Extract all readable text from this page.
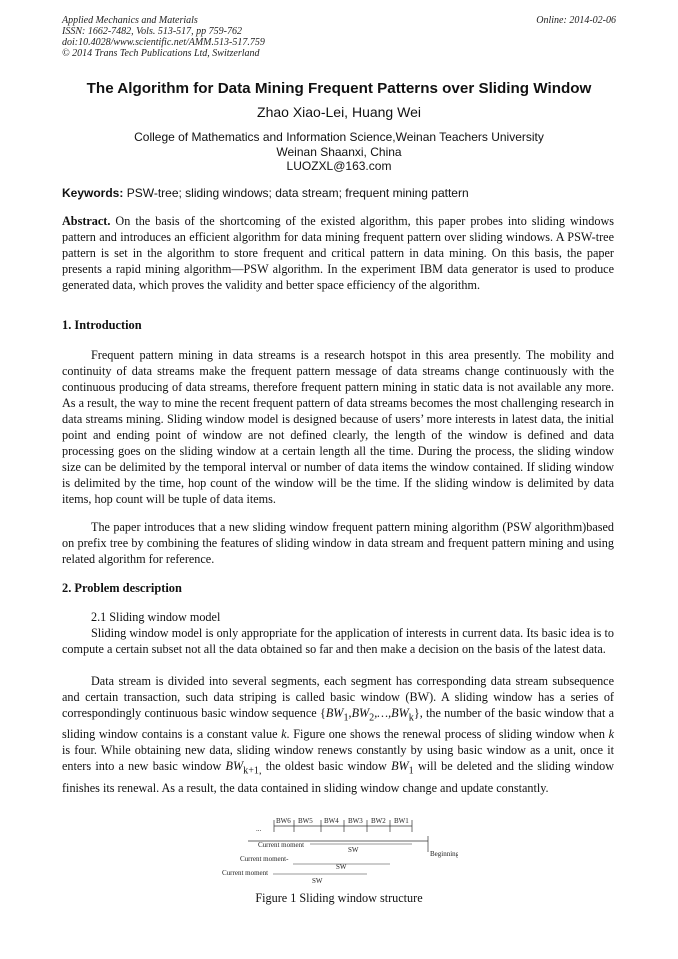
Applied Mechanics and Materials
ISSN: 1662-7482, Vols. 513-517, pp 759-762
doi:10.4028/www.scientific.net/AMM.513-517.759
© 2014 Trans Tech Publications Ltd, Switzerland
Online: 2014-02-06
The Algorithm for Data Mining Frequent Patterns over Sliding Window
Zhao Xiao-Lei, Huang Wei
College of Mathematics and Information Science,Weinan Teachers University
Weinan Shaanxi, China
LUOZXL@163.com
Keywords: PSW-tree; sliding windows; data stream; frequent mining pattern
Abstract. On the basis of the shortcoming of the existed algorithm, this paper probes into sliding windows pattern and introduces an efficient algorithm for data mining frequent pattern over sliding windows. A PSW-tree pattern is set in the algorithm to store frequent and critical pattern in data mining. On this basis, the paper presents a rapid mining algorithm—PSW algorithm. In the experiment IBM data generator is used to produce generated data, which proves the validity and better space efficiency of the algorithm.
1. Introduction
Frequent pattern mining in data streams is a research hotspot in this area presently. The mobility and continuity of data streams make the frequent pattern message of data streams change continuously with the continuous producing of data streams, therefore frequent pattern mining in static data is not available any more. As a result, the way to mine the recent frequent pattern of data streams becomes the most challenging research in data streams mining. Sliding window model is designed because of users’ more interests in latest data, the initial point and ending point of window are not defined clearly, the length of the window is defined and data processing goes on the sliding window at a certain length all the time. During the process, the sliding window size can be delimited by the temporal interval or number of data items the window contained. If sliding window is delimited by the time, hop count of the window will be the time. If the sliding window is delimited by data items, hop count will be tuple of data items.
The paper introduces that a new sliding window frequent pattern mining algorithm (PSW algorithm)based on prefix tree by combining the features of sliding window in data stream and frequent pattern mining and using related algorithm for reference.
2. Problem description
2.1 Sliding window model
Sliding window model is only appropriate for the application of interests in current data. Its basic idea is to compute a certain subset not all the data obtained so far and then make a decision on the basis of the latest data.
Data stream is divided into several segments, each segment has corresponding data stream subsequence and certain transaction, such data striping is called basic window (BW). A sliding window has a series of correspondingly continuous basic window sequence $\{BW_1,BW_2,\dots,BW_k\}$, the number of the basic window that a sliding window contains is a constant value k. Figure one shows the renewal process of sliding window when k is four. While obtaining new data, sliding window renews constantly by using basic window as a unit, once it enters into a new basic window $BW_{k+1,}$ the oldest basic window $BW_1$ will be deleted and the sliding window finishes its renewal. As a result, the data contained in sliding window change and update constantly.
...
BW6 BW5 BW4 BW3 BW2 BW1
Beginning
Current moment
SW
Current moment-
SW
Current moment
SW
Figure 1 Sliding window structure
